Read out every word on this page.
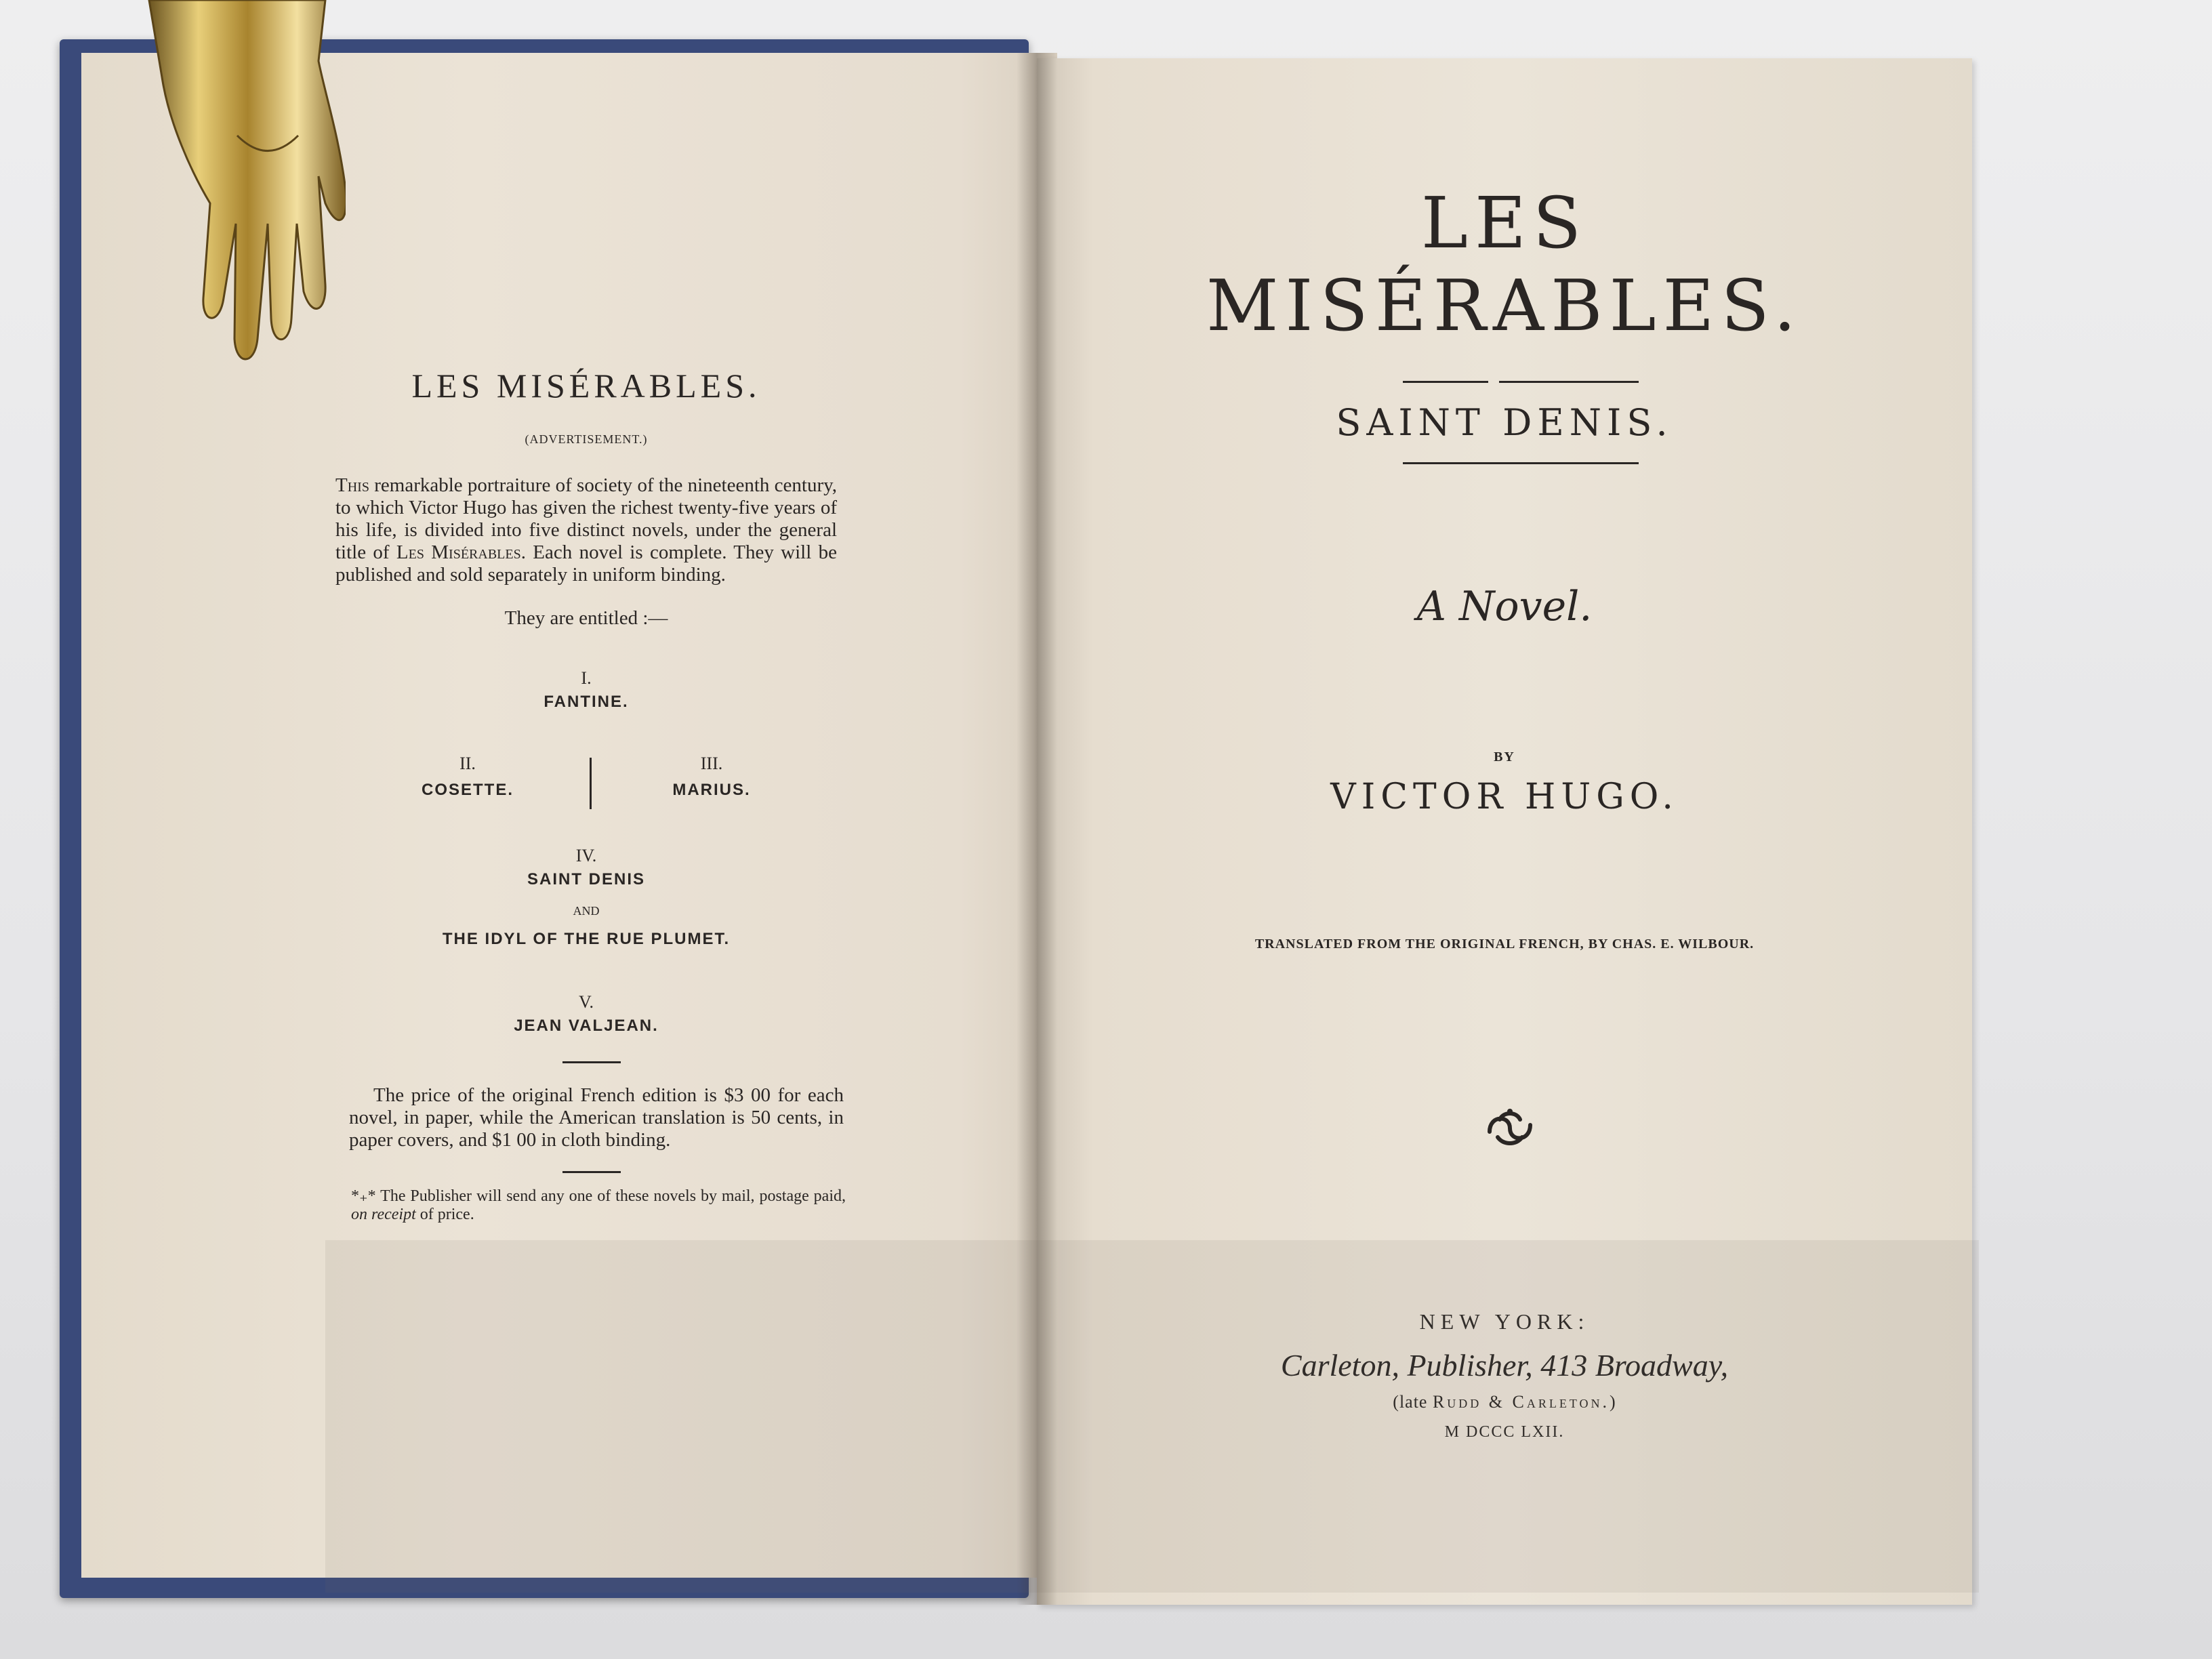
LES MISÉRABLES.
(ADVERTISEMENT.)
This remarkable portraiture of society of the nineteenth century, to which Victor Hugo has given the richest twenty-five years of his life, is divided into five distinct novels, under the general title of Les Misérables. Each novel is complete. They will be published and sold separately in uniform binding.
They are entitled :—
I.
FANTINE.
II.
COSETTE.
III.
MARIUS.
IV.
SAINT DENIS
AND
THE IDYL OF THE RUE PLUMET.
V.
JEAN VALJEAN.
The price of the original French edition is $3 00 for each novel, in paper, while the American translation is 50 cents, in paper covers, and $1 00 in cloth binding.
*₊* The Publisher will send any one of these novels by mail, postage paid, on receipt of price.
LES MISÉRABLES.
SAINT DENIS.
A Novel.
BY
VICTOR HUGO.
TRANSLATED FROM THE ORIGINAL FRENCH, BY CHAS. E. WILBOUR.
NEW YORK:
Carleton, Publisher, 413 Broadway,
(late Rudd & Carleton.)
M DCCC LXII.
